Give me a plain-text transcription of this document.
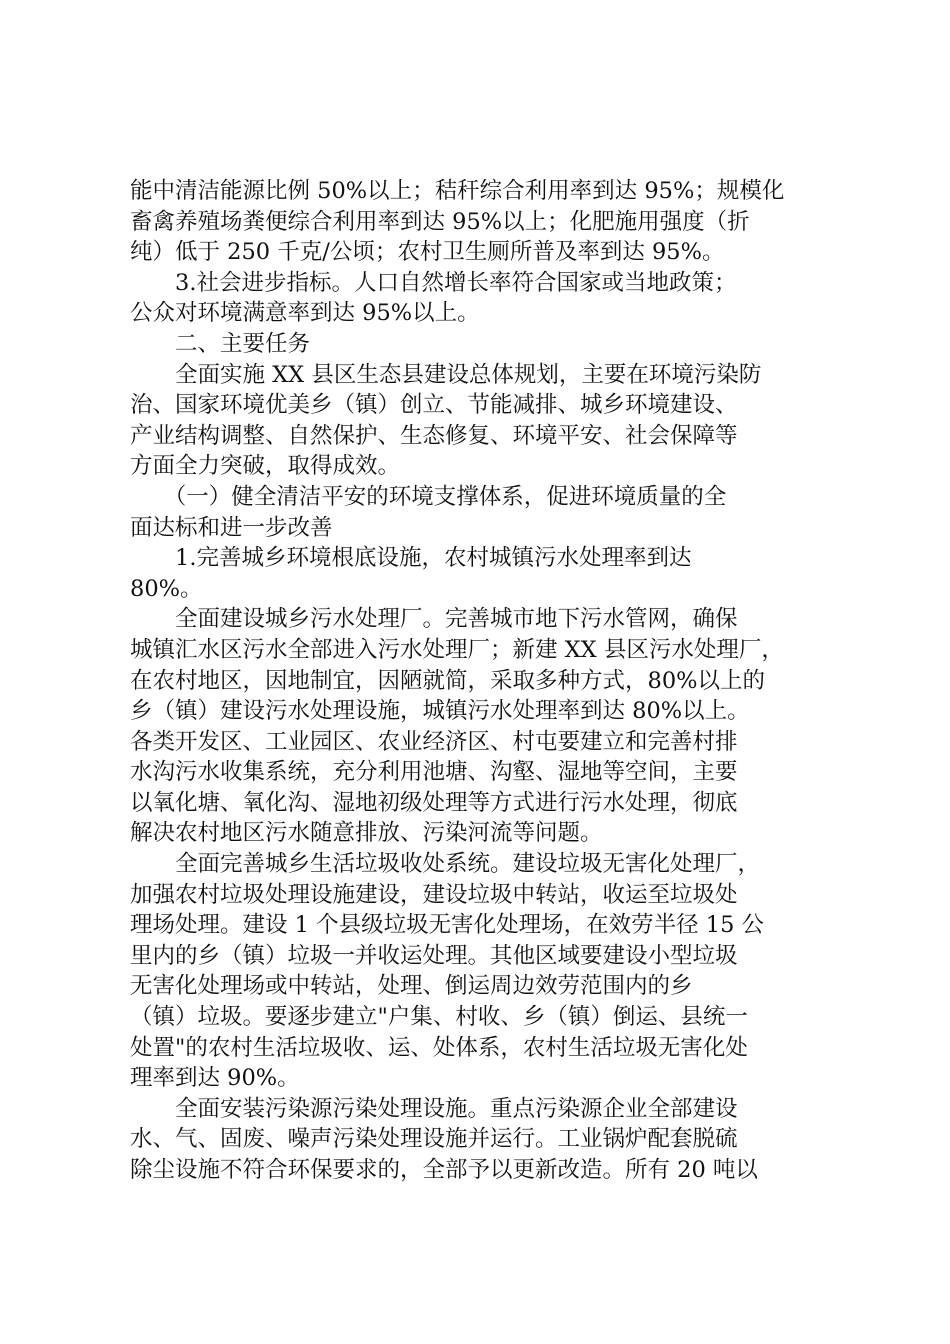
能中清洁能源比例 50%以上；秸秆综合利用率到达 95%；规模化
畜禽养殖场粪便综合利用率到达 95%以上；化肥施用强度（折
纯）低于 250 千克/公顷；农村卫生厕所普及率到达 95%。
　　3.社会进步指标。人口自然增长率符合国家或当地政策；
公众对环境满意率到达 95%以上。
　　二、主要任务
　　全面实施 XX 县区生态县建设总体规划，主要在环境污染防
治、国家环境优美乡（镇）创立、节能减排、城乡环境建设、
产业结构调整、自然保护、生态修复、环境平安、社会保障等
方面全力突破，取得成效。
　　（一）健全清洁平安的环境支撑体系，促进环境质量的全
面达标和进一步改善
　　1.完善城乡环境根底设施，农村城镇污水处理率到达
80%。
　　全面建设城乡污水处理厂。完善城市地下污水管网，确保
城镇汇水区污水全部进入污水处理厂；新建 XX 县区污水处理厂，
在农村地区，因地制宜，因陋就简，采取多种方式，80%以上的
乡（镇）建设污水处理设施，城镇污水处理率到达 80%以上。
各类开发区、工业园区、农业经济区、村屯要建立和完善村排
水沟污水收集系统，充分利用池塘、沟壑、湿地等空间，主要
以氧化塘、氧化沟、湿地初级处理等方式进行污水处理，彻底
解决农村地区污水随意排放、污染河流等问题。
　　全面完善城乡生活垃圾收处系统。建设垃圾无害化处理厂，
加强农村垃圾处理设施建设，建设垃圾中转站，收运至垃圾处
理场处理。建设 1 个县级垃圾无害化处理场，在效劳半径 15 公
里内的乡（镇）垃圾一并收运处理。其他区域要建设小型垃圾
无害化处理场或中转站，处理、倒运周边效劳范围内的乡
（镇）垃圾。要逐步建立"户集、村收、乡（镇）倒运、县统一
处置"的农村生活垃圾收、运、处体系，农村生活垃圾无害化处
理率到达 90%。
　　全面安装污染源污染处理设施。重点污染源企业全部建设
水、气、固废、噪声污染处理设施并运行。工业锅炉配套脱硫
除尘设施不符合环保要求的，全部予以更新改造。所有 20 吨以
